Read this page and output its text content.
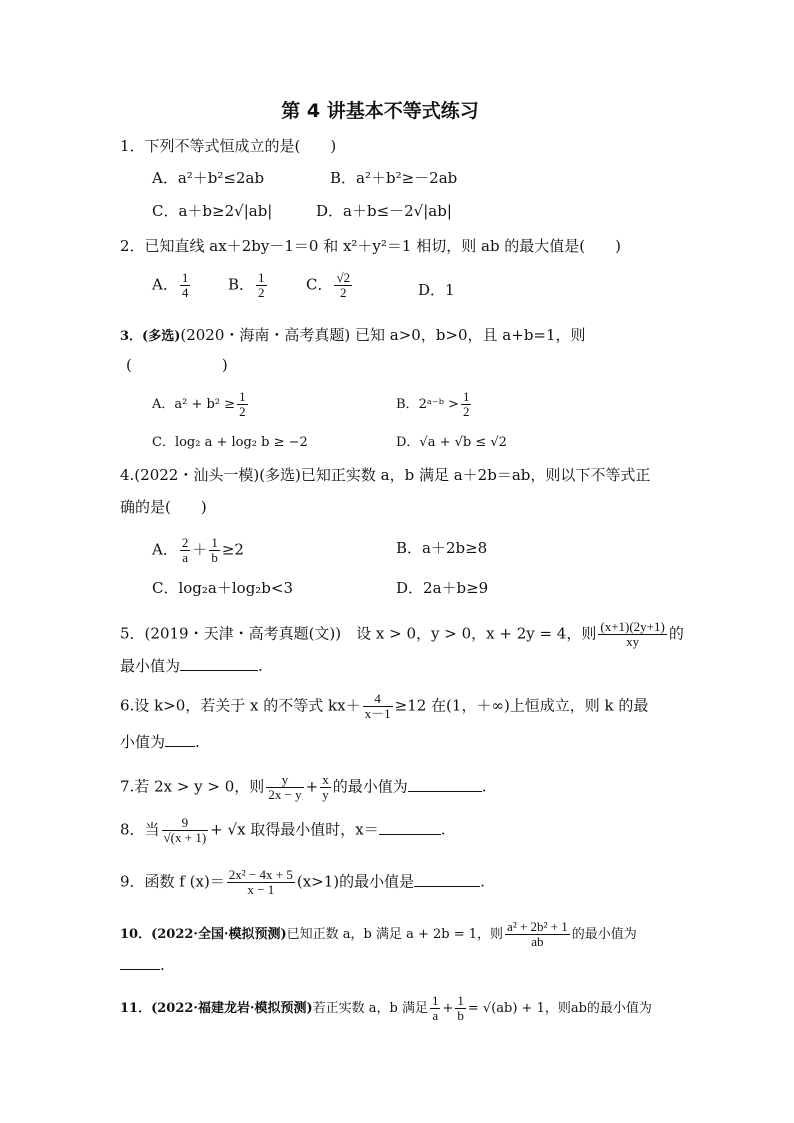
第 4 讲基本不等式练习
1．下列不等式恒成立的是(　　)
A．a²＋b²≤2ab	B．a²＋b²≥－2ab
C．a＋b≥2√|ab|	D．a＋b≤－2√|ab|
2．已知直线 ax＋2by－1＝0 和 x²＋y²＝1 相切，则 ab 的最大值是(　　)
A． $\frac{1}{4}$	B． $\frac{1}{2}$	C． $\frac{√2}{2}$	D．1
3．(多选)(2020・海南・高考真题) 已知 a>0，b>0，且 a+b=1，则
(　　　　　　)
A．$a^2 + b^2 \ge \frac{1}{2}$	B．2ᵃ⁻ᵇ > $\frac{1}{2}$
C．log₂ a + log₂ b ≥ −2	D．√a + √b ≤ √2
4.(2022・汕头一模)(多选)已知正实数 a，b 满足 a＋2b＝ab，则以下不等式正
确的是(　　)
A． $\frac{2}{a} + \frac{1}{b} \ge 2$	B．a＋2b≥8
C．log₂a＋log₂b<3	D．2a＋b≥9
5．(2019・天津・高考真题(文))　设 x > 0，y > 0，x + 2y = 4，则 $\frac{(x+1)(2y+1)}{xy}$ 的
最小值为	.
6.设 k>0，若关于 x 的不等式 $kx+ \frac{4}{x-1} \ge 12$ 在(1，＋∞)上恒成立，则 k 的最
小值为 .
7.若 2x > y > 0，则 $\frac{y}{2x - y} + \frac{x}{y}$ 的最小值为	.
8．当 $\frac{9}{√(x + 1)} + √x$ 取得最小值时，x＝	.
9．函数 f $(x)= \frac{\text{2x² − 4x + 5}}{x - 1} (x>1)$的最小值是	.
10．(2022·全国·模拟预测)已知正数 a，b 满足 a + 2b = 1，则 $\frac{\text{a² + 2b² + 1}}{ab}$ 的最小值为
.
11．(2022·福建龙岩·模拟预测)若正实数 a，b 满足 $\frac{1}{a} + \frac{1}{b} = √(ab) + 1$，则ab的最小值为
